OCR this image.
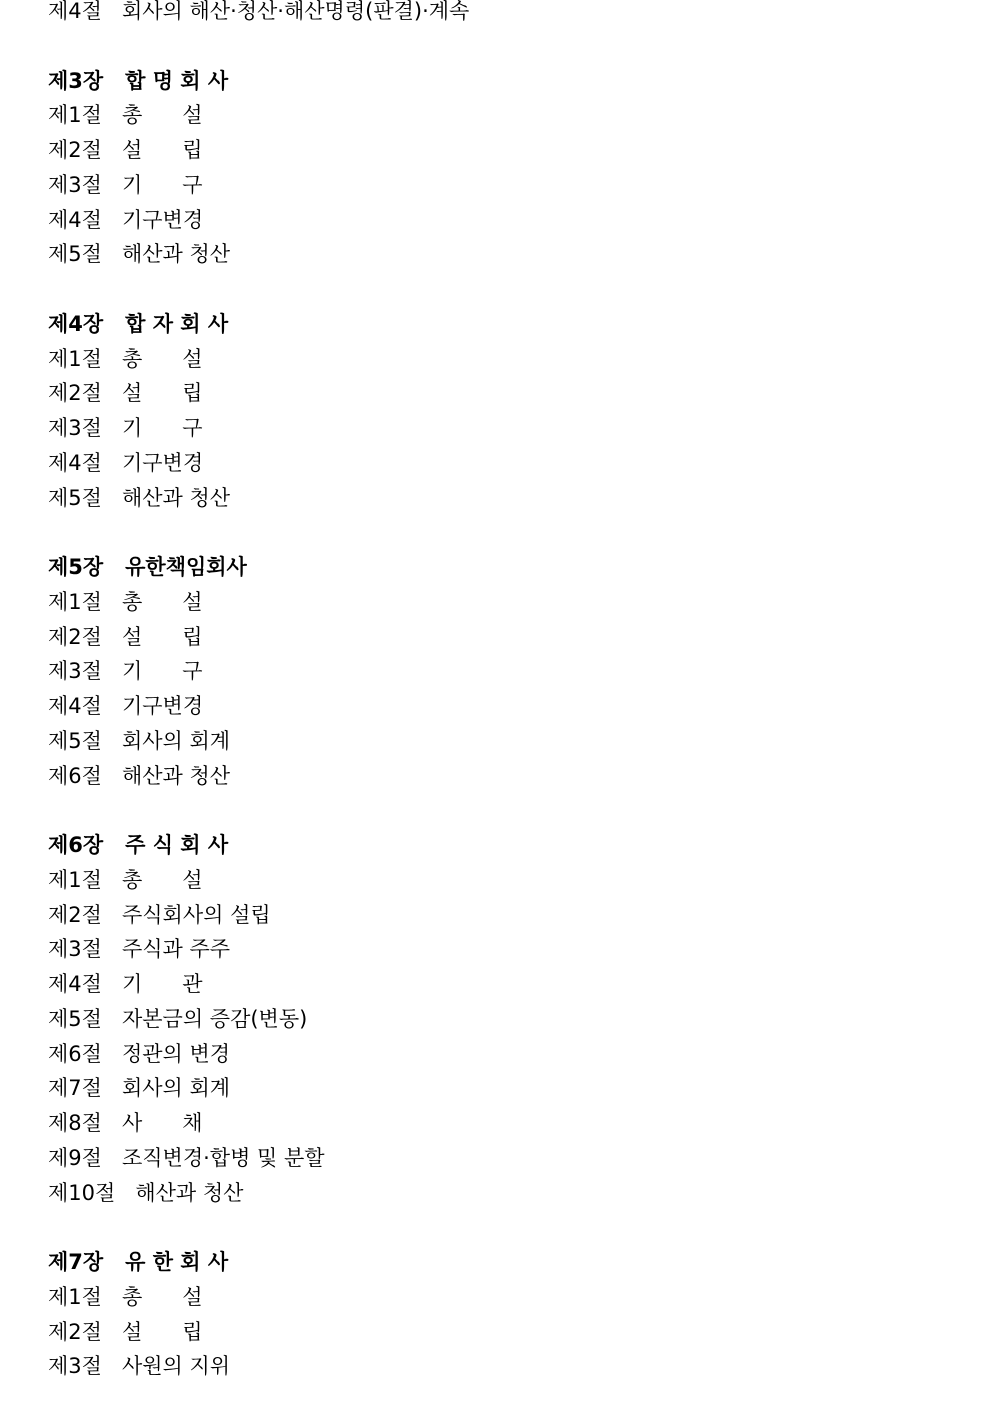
제4절   회사의 해산·청산·해산명령(판결)·계속
제3장   합 명 회 사
제1절   총      설
제2절   설      립
제3절   기      구
제4절   기구변경
제5절   해산과 청산
제4장   합 자 회 사
제1절   총      설
제2절   설      립
제3절   기      구
제4절   기구변경
제5절   해산과 청산
제5장   유한책임회사
제1절   총      설
제2절   설      립
제3절   기      구
제4절   기구변경
제5절   회사의 회계
제6절   해산과 청산
제6장   주 식 회 사
제1절   총      설
제2절   주식회사의 설립
제3절   주식과 주주
제4절   기      관
제5절   자본금의 증감(변동)
제6절   정관의 변경
제7절   회사의 회계
제8절   사      채
제9절   조직변경·합병 및 분할
제10절   해산과 청산
제7장   유 한 회 사
제1절   총      설
제2절   설      립
제3절   사원의 지위
